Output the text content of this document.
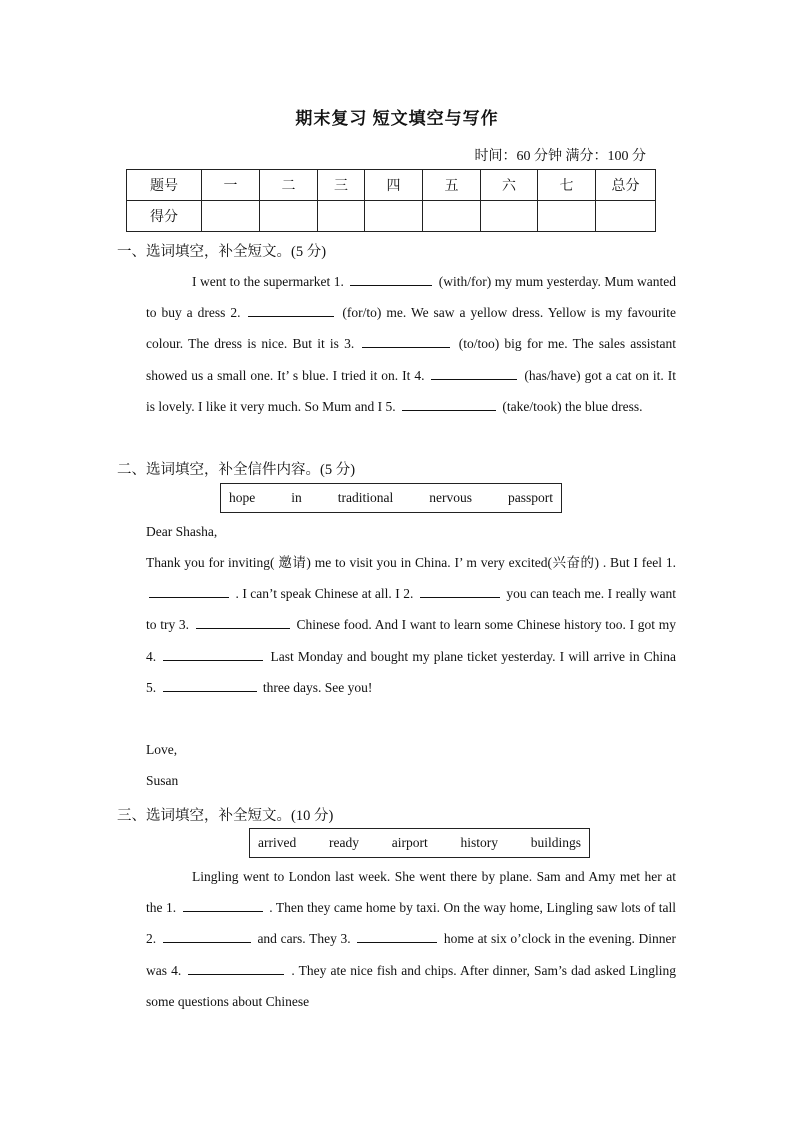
期末复习 短文填空与写作
时间：60 分钟 满分：100 分
题号	一	二	三	四	五	六	七	总分
得分								
一、选词填空，补全短文。(5 分)

I went to the supermarket 1.	(with/for) my mum yesterday. Mum wanted to buy a dress 2.	(for/to) me. We saw a yellow dress. Yellow is my favourite colour. The dress is nice. But it is 3.	(to/too) big for me. The sales assistant showed us a small one. It’ s blue. I tried it on. It 4.	(has/have) got a cat on it. It is lovely. I like it very much. So Mum and I 5.	(take/took) the blue dress.

二、选词填空，补全信件内容。(5 分)
hope	in	traditional	nervous	passport
Dear Shasha,

Thank you for inviting( 邀请) me to visit you in China. I’ m very excited(兴奋的) . But I feel 1.  . I can’t speak Chinese at all. I 2.	you can teach me. I really want to try 3.	Chinese food. And I want to learn some Chinese history too. I got my 4.	Last Monday and bought my plane ticket yesterday. I will arrive in China 5.	three days. See you!

Love,
Susan
三、选词填空，补全短文。(10 分)
arrived ready airport history buildings

Lingling went to London last week. She went there by plane. Sam and Amy met her at the 1.	. Then they came home by taxi. On the way home, Lingling saw lots of tall 2.	and cars. They 3.	home at six o’clock in the evening. Dinner was 4.	. They ate nice fish and chips. After dinner, Sam’s dad asked Lingling some questions about Chinese
